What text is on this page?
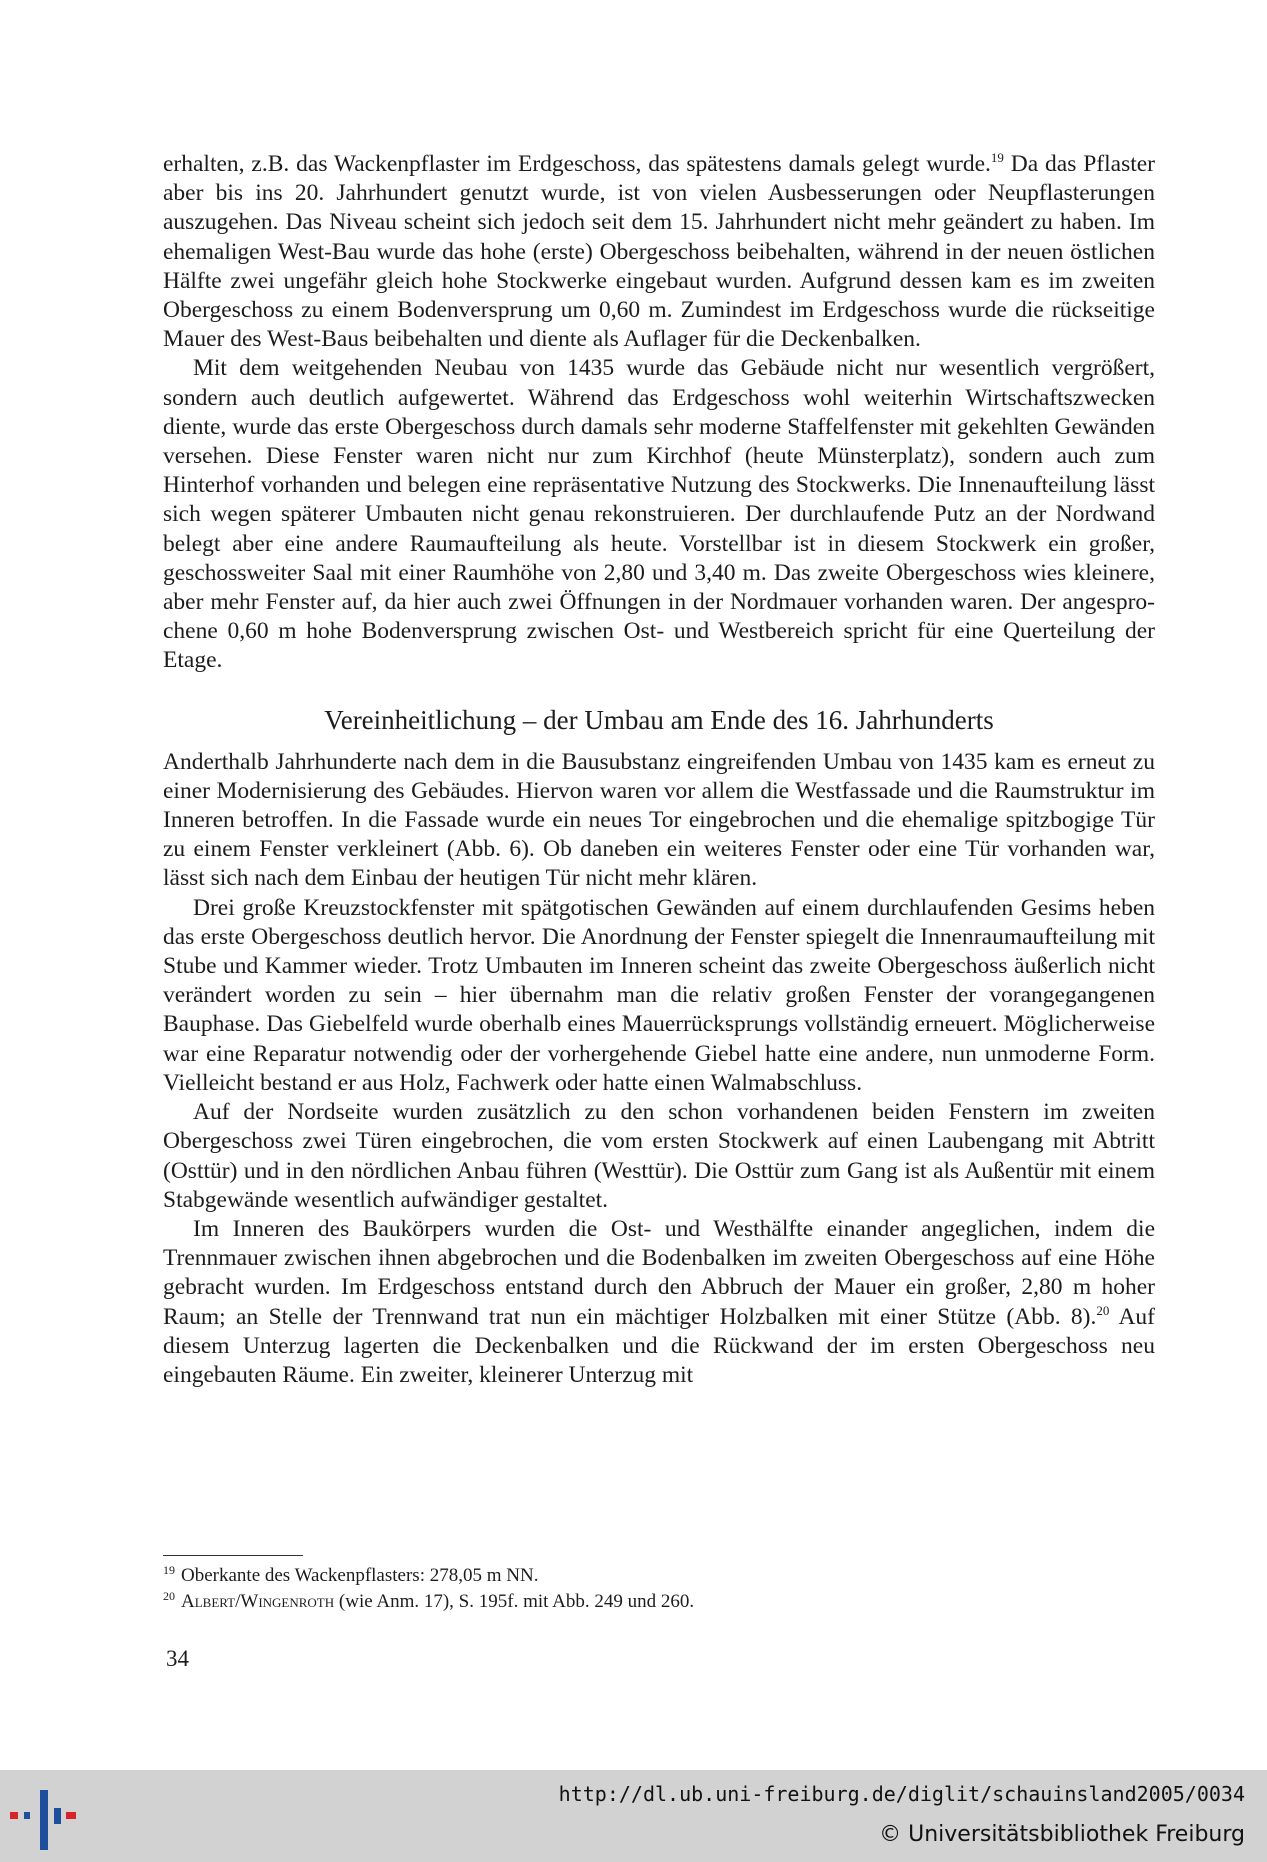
erhalten, z.B. das Wackenpflaster im Erdgeschoss, das spätestens damals gelegt wurde.$^{19}$ Da das Pflaster aber bis ins 20. Jahrhundert genutzt wurde, ist von vielen Ausbesserungen oder Neupflasterungen auszugehen. Das Niveau scheint sich jedoch seit dem 15. Jahrhundert nicht mehr geändert zu haben. Im ehemaligen West-Bau wurde das hohe (erste) Obergeschoss beibehalten, während in der neuen östlichen Hälfte zwei ungefähr gleich hohe Stockwerke eingebaut wurden. Aufgrund dessen kam es im zweiten Obergeschoss zu einem Bodenversprung um 0,60 m. Zumindest im Erdgeschoss wurde die rückseitige Mauer des West-Baus beibehalten und diente als Auflager für die Deckenbalken.

Mit dem weitgehenden Neubau von 1435 wurde das Gebäude nicht nur wesentlich vergrößert, sondern auch deutlich aufgewertet. Während das Erdgeschoss wohl weiterhin Wirtschaftszwecken diente, wurde das erste Obergeschoss durch damals sehr moderne Staffelfenster mit gekehlten Gewänden versehen. Diese Fenster waren nicht nur zum Kirchhof (heute Münsterplatz), sondern auch zum Hinterhof vorhanden und belegen eine repräsentative Nutzung des Stockwerks. Die Innenaufteilung lässt sich wegen späterer Umbauten nicht genau rekonstruieren. Der durchlaufende Putz an der Nordwand belegt aber eine andere Raumaufteilung als heute. Vorstellbar ist in diesem Stockwerk ein großer, geschossweiter Saal mit einer Raumhöhe von 2,80 und 3,40 m. Das zweite Obergeschoss wies kleinere, aber mehr Fenster auf, da hier auch zwei Öffnungen in der Nordmauer vorhanden waren. Der angesprochene 0,60 m hohe Bodenversprung zwischen Ost- und Westbereich spricht für eine Querteilung der Etage.

Vereinheitlichung – der Umbau am Ende des 16. Jahrhunderts

Anderthalb Jahrhunderte nach dem in die Bausubstanz eingreifenden Umbau von 1435 kam es erneut zu einer Modernisierung des Gebäudes. Hiervon waren vor allem die Westfassade und die Raumstruktur im Inneren betroffen. In die Fassade wurde ein neues Tor eingebrochen und die ehemalige spitzbogige Tür zu einem Fenster verkleinert (Abb. 6). Ob daneben ein weiteres Fenster oder eine Tür vorhanden war, lässt sich nach dem Einbau der heutigen Tür nicht mehr klären.

Drei große Kreuzstockfenster mit spätgotischen Gewänden auf einem durchlaufenden Gesims heben das erste Obergeschoss deutlich hervor. Die Anordnung der Fenster spiegelt die Innenraumaufteilung mit Stube und Kammer wieder. Trotz Umbauten im Inneren scheint das zweite Obergeschoss äußerlich nicht verändert worden zu sein – hier übernahm man die relativ großen Fenster der vorangegangenen Bauphase. Das Giebelfeld wurde oberhalb eines Mauerrücksprungs vollständig erneuert. Möglicherweise war eine Reparatur notwendig oder der vorhergehende Giebel hatte eine andere, nun unmoderne Form. Vielleicht bestand er aus Holz, Fachwerk oder hatte einen Walmabschluss.

Auf der Nordseite wurden zusätzlich zu den schon vorhandenen beiden Fenstern im zweiten Obergeschoss zwei Türen eingebrochen, die vom ersten Stockwerk auf einen Laubengang mit Abtritt (Osttür) und in den nördlichen Anbau führen (Westtür). Die Osttür zum Gang ist als Außentür mit einem Stabgewände wesentlich aufwändiger gestaltet.

Im Inneren des Baukörpers wurden die Ost- und Westhälfte einander angeglichen, indem die Trennmauer zwischen ihnen abgebrochen und die Bodenbalken im zweiten Obergeschoss auf eine Höhe gebracht wurden. Im Erdgeschoss entstand durch den Abbruch der Mauer ein großer, 2,80 m hoher Raum; an Stelle der Trennwand trat nun ein mächtiger Holzbalken mit einer Stütze (Abb. 8).$^{20}$ Auf diesem Unterzug lagerten die Deckenbalken und die Rückwand der im ersten Obergeschoss neu eingebauten Räume. Ein zweiter, kleinerer Unterzug mit

$^{19}$ Oberkante des Wackenpflasters: 278,05 m NN.

$^{20}$ Albert/Wingenroth (wie Anm. 17), S. 195f. mit Abb. 249 und 260.

34
http://dl.ub.uni-freiburg.de/diglit/schauinsland2005/0034
© Universitätsbibliothek Freiburg
